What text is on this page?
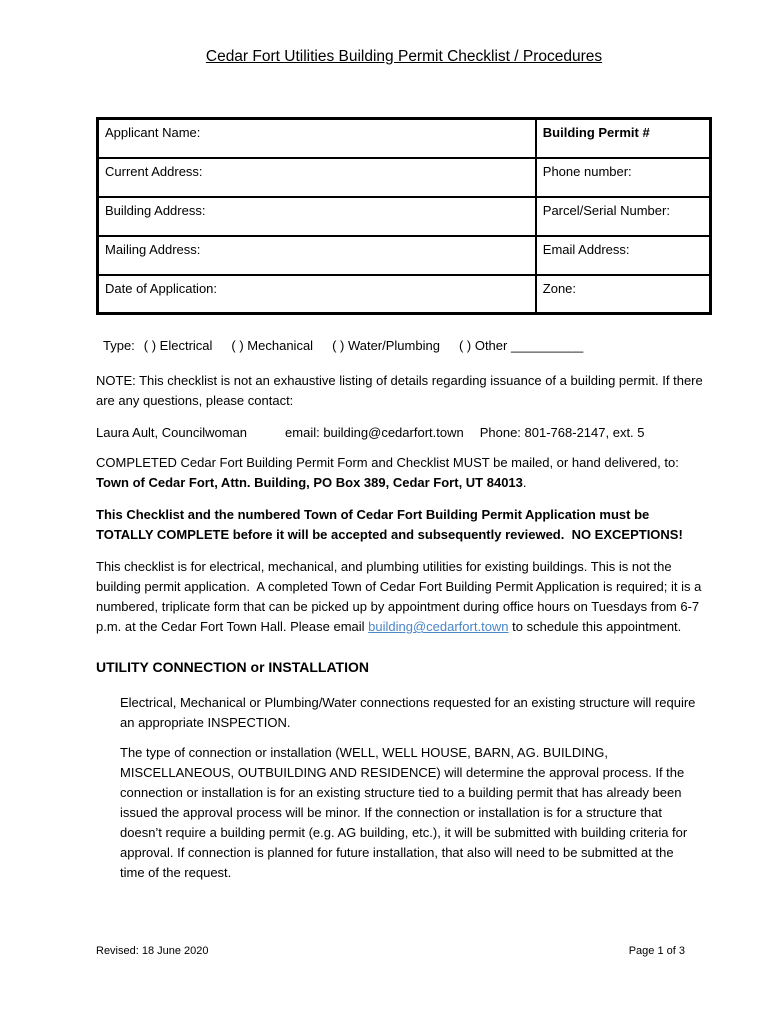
Cedar Fort Utilities Building Permit Checklist / Procedures
Applicant Name:	Building Permit #
Current Address:	Phone number:
Building Address:	Parcel/Serial Number:
Mailing Address:	Email Address:
Date of Application:	Zone:
Type: ( ) Electrical ( ) Mechanical ( ) Water/Plumbing ( ) Other __________

NOTE: This checklist is not an exhaustive listing of details regarding issuance of a building permit. If there are any questions, please contact:

Laura Ault, Councilwoman	email: building@cedarfort.town Phone: 801-768-2147, ext. 5

COMPLETED Cedar Fort Building Permit Form and Checklist MUST be mailed, or hand delivered, to: Town of Cedar Fort, Attn. Building, PO Box 389, Cedar Fort, UT 84013.

This Checklist and the numbered Town of Cedar Fort Building Permit Application must be TOTALLY COMPLETE before it will be accepted and subsequently reviewed.  NO EXCEPTIONS!

This checklist is for electrical, mechanical, and plumbing utilities for existing buildings. This is not the building permit application.  A completed Town of Cedar Fort Building Permit Application is required; it is a numbered, triplicate form that can be picked up by appointment during office hours on Tuesdays from 6-7 p.m. at the Cedar Fort Town Hall. Please email building@cedarfort.town to schedule this appointment.

UTILITY CONNECTION or INSTALLATION

Electrical, Mechanical or Plumbing/Water connections requested for an existing structure will require an appropriate INSPECTION.

The type of connection or installation (WELL, WELL HOUSE, BARN, AG. BUILDING, MISCELLANEOUS, OUTBUILDING AND RESIDENCE) will determine the approval process. If the connection or installation is for an existing structure tied to a building permit that has already been issued the approval process will be minor. If the connection or installation is for a structure that doesn’t require a building permit (e.g. AG building, etc.), it will be submitted with building criteria for approval. If connection is planned for future installation, that also will need to be submitted at the time of the request.

Revised: 18 June 2020	Page 1 of 3
